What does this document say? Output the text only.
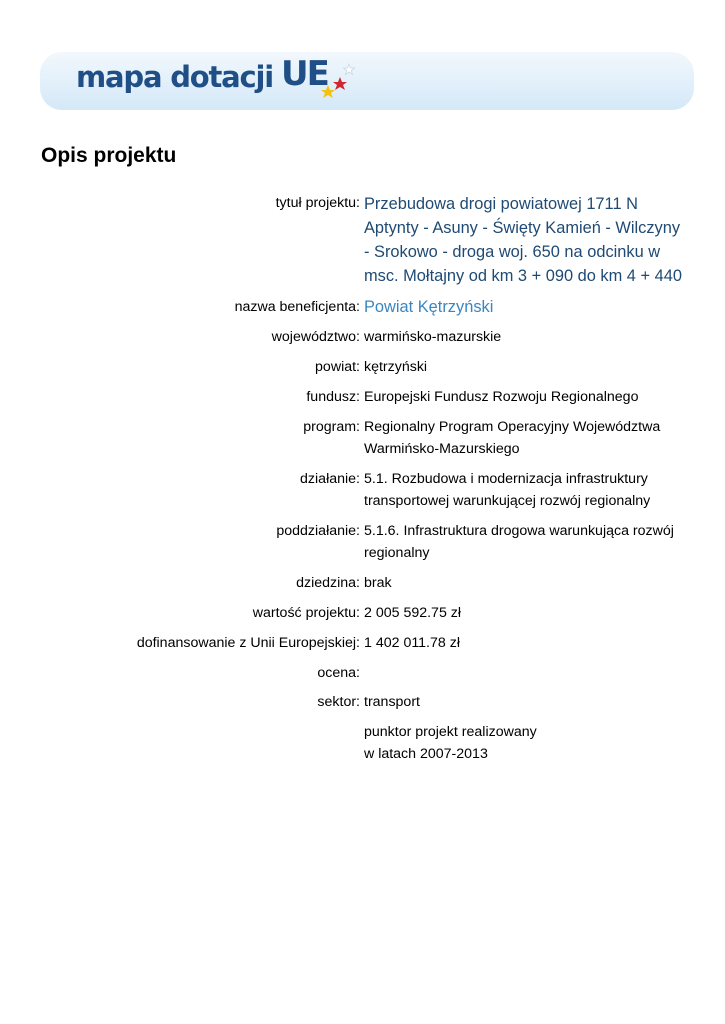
mapa dotacji UE
Opis projektu
tytuł projektu: Przebudowa drogi powiatowej 1711 N Aptynty - Asuny - Święty Kamień - Wilczyny - Srokowo - droga woj. 650 na odcinku w msc. Mołtajny od km 3 + 090 do km 4 + 440
nazwa beneficjenta: Powiat Kętrzyński
województwo: warmińsko-mazurskie
powiat: kętrzyński
fundusz: Europejski Fundusz Rozwoju Regionalnego
program: Regionalny Program Operacyjny Województwa Warmińsko-Mazurskiego
działanie: 5.1. Rozbudowa i modernizacja infrastruktury transportowej warunkującej rozwój regionalny
poddziałanie: 5.1.6. Infrastruktura drogowa warunkująca rozwój regionalny
dziedzina: brak
wartość projektu: 2 005 592.75 zł
dofinansowanie z Unii Europejskiej: 1 402 011.78 zł
ocena:
sektor: transport
punktor projekt realizowany
w latach 2007-2013
